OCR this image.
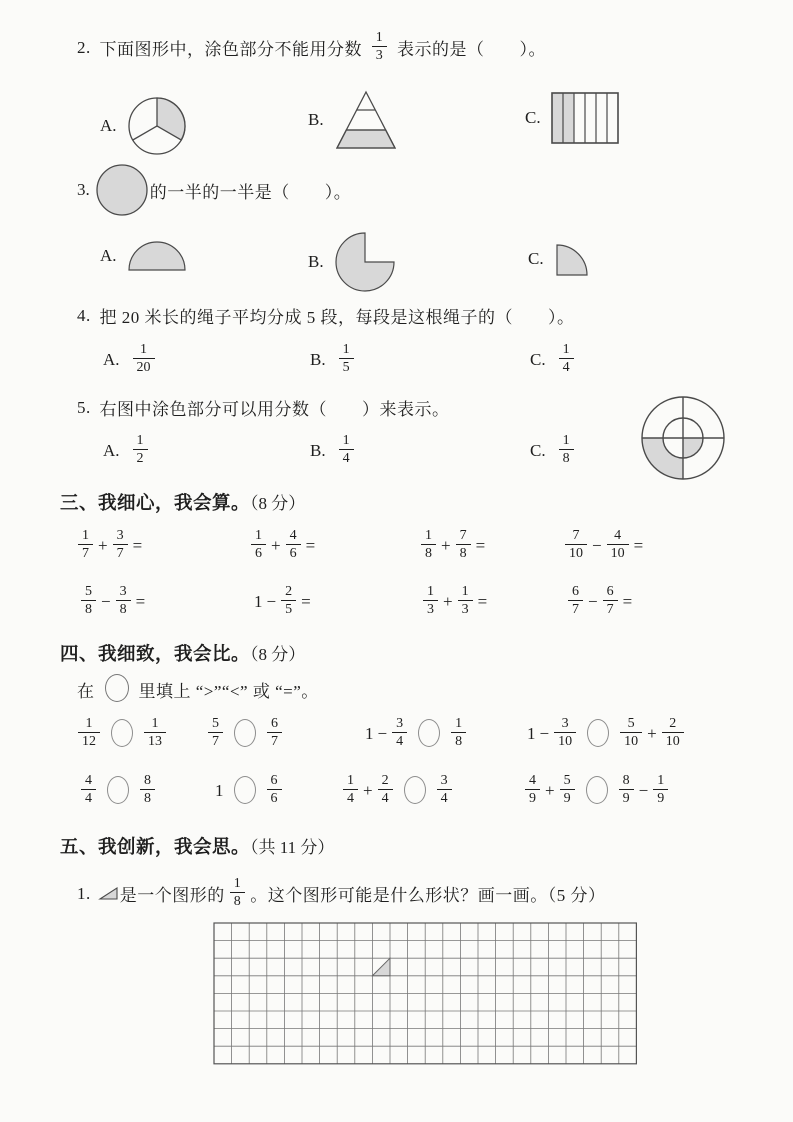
2. 下面图形中，涂色部分不能用分数 $\frac{1}{3}$ 表示的是（　　）。
A.	B.	C.
3.	的一半的一半是（　　）。
A.	B.	C.
4. 把 20 米长的绳子平均分成 5 段，每段是这根绳子的（　　）。
A. $\frac{1}{20}$	B. $\frac{1}{5}$	C. $\frac{1}{4}$
5. 右图中涂色部分可以用分数（　　）来表示。
A. $\frac{1}{2}$	B. $\frac{1}{4}$	C. $\frac{1}{8}$
三、我细心，我会算。（8 分）
$\frac{1}{7} + \frac{3}{7}$ =	$\frac{1}{6} + \frac{4}{6}$ =	$\frac{1}{8} + \frac{7}{8}$ =	$\frac{7}{10} - \frac{4}{10}$ =
$\frac{5}{8} - \frac{3}{8}$ =	$1 - \frac{2}{5}$ =	$\frac{1}{3} + \frac{1}{3}$ =	$\frac{6}{7} - \frac{6}{7}$ =
四、我细致，我会比。（8 分）
在	里填上 “>”“<” 或 “=”。
$\frac{1}{12}$	$\frac{1}{13}$	$\frac{5}{7}$	$\frac{6}{7}$	$1 - \frac{3}{4}$	$\frac{1}{8}$	$1 - \frac{3}{10}$	$\frac{5}{10} + \frac{2}{10}$
$\frac{4}{4}$	$\frac{8}{8}$	1	$\frac{6}{6}$	$\frac{1}{4} + \frac{2}{4}$	$\frac{3}{4}$	$\frac{4}{9} + \frac{5}{9}$	$\frac{8}{9} - \frac{1}{9}$
五、我创新，我会思。（共 11 分）
1. 是一个图形的 $\frac{1}{8}$ 。这个图形可能是什么形状？画一画。（5 分）
